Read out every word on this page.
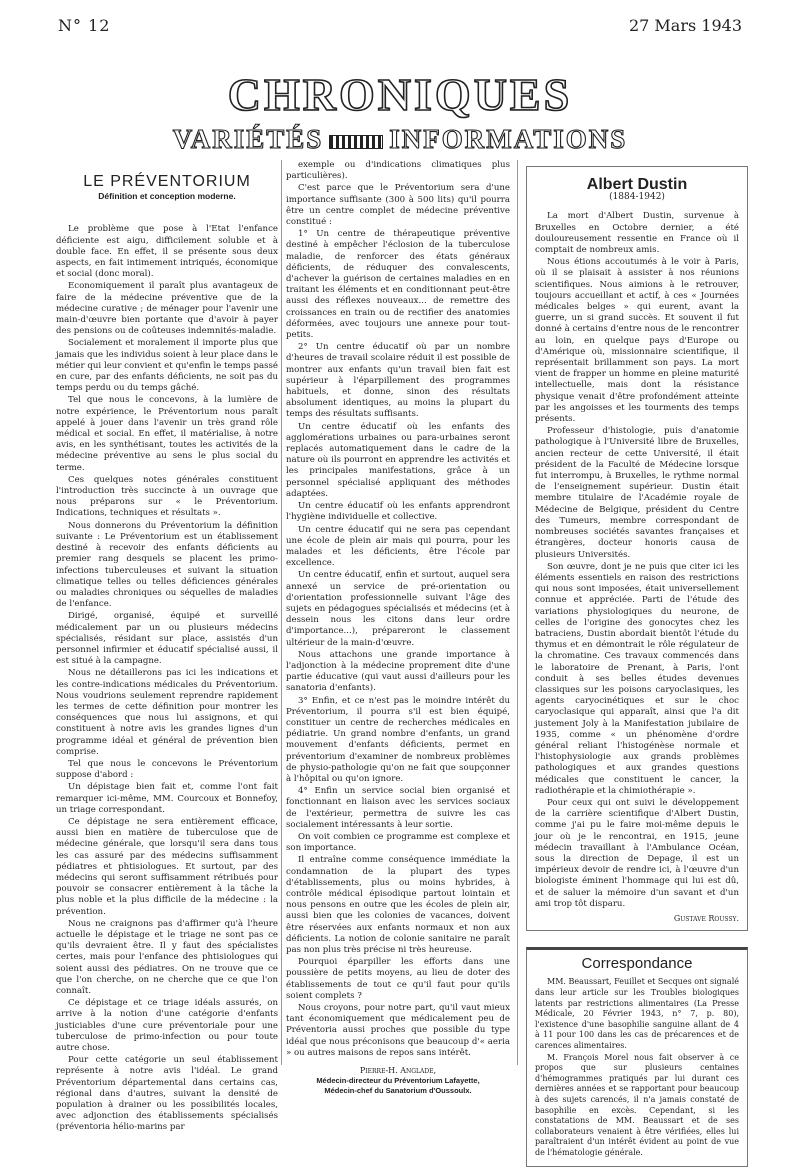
N° 12	27 Mars 1943
CHRONIQUES
VARIÉTÉS INFORMATIONS
LE PRÉVENTORIUM
Définition et conception moderne.

Le problème que pose à l'Etat l'enfance déficiente est aigu, difficilement soluble et à double face. En effet, il se présente sous deux aspects, en fait intimement intriqués, économique et social (donc moral).

Economiquement il paraît plus avantageux de faire de la médecine préventive que de la médecine curative ; de ménager pour l'avenir une main-d'œuvre bien portante que d'avoir à payer des pensions ou de coûteuses indemnités-maladie.

Socialement et moralement il importe plus que jamais que les individus soient à leur place dans le métier qui leur convient et qu'enfin le temps passé en cure, par des enfants déficients, ne soit pas du temps perdu ou du temps gâché.

Tel que nous le concevons, à la lumière de notre expérience, le Préventorium nous paraît appelé à jouer dans l'avenir un très grand rôle médical et social. En effet, il matérialise, à notre avis, en les synthétisant, toutes les activités de la médecine préventive au sens le plus social du terme.

Ces quelques notes générales constituent l'introduction très succincte à un ouvrage que nous préparons sur « le Préventorium. Indications, techniques et résultats ».

Nous donnerons du Préventorium la définition suivante : Le Préventorium est un établissement destiné à recevoir des enfants déficients au premier rang desquels se placent les primo-infections tuberculeuses et suivant la situation climatique telles ou telles déficiences générales ou maladies chroniques ou séquelles de maladies de l'enfance.

Dirigé, organisé, équipé et surveillé médicalement par un ou plusieurs médecins spécialisés, résidant sur place, assistés d'un personnel infirmier et éducatif spécialisé aussi, il est situé à la campagne.

Nous ne détaillerons pas ici les indications et les contre-indications médicales du Préventorium. Nous voudrions seulement reprendre rapidement les termes de cette définition pour montrer les conséquences que nous lui assignons, et qui constituent à notre avis les grandes lignes d'un programme idéal et général de prévention bien comprise.

Tel que nous le concevons le Préventorium suppose d'abord :

Un dépistage bien fait et, comme l'ont fait remarquer ici-même, MM. Courcoux et Bonnefoy, un triage correspondant.

Ce dépistage ne sera entièrement efficace, aussi bien en matière de tuberculose que de médecine générale, que lorsqu'il sera dans tous les cas assuré par des médecins suffisamment pédiatres et phtisiologues. Et surtout, par des médecins qui seront suffisamment rétribués pour pouvoir se consacrer entièrement à la tâche la plus noble et la plus difficile de la médecine : la prévention.

Nous ne craignons pas d'affirmer qu'à l'heure actuelle le dépistage et le triage ne sont pas ce qu'ils devraient être. Il y faut des spécialistes certes, mais pour l'enfance des phtisiologues qui soient aussi des pédiatres. On ne trouve que ce que l'on cherche, on ne cherche que ce que l'on connaît.

Ce dépistage et ce triage idéals assurés, on arrive à la notion d'une catégorie d'enfants justiciables d'une cure préventoriale pour une tuberculose de primo-infection ou pour toute autre chose.

Pour cette catégorie un seul établissement représente à notre avis l'idéal. Le grand Préventorium départemental dans certains cas, régional dans d'autres, suivant la densité de population à drainer ou les possibilités locales, avec adjonction des établissements spécialisés (préventoria hélio-marins par

exemple ou d'indications climatiques plus particulières).

C'est parce que le Préventorium sera d'une importance suffisante (300 à 500 lits) qu'il pourra être un centre complet de médecine préventive constitué :

1° Un centre de thérapeutique préventive destiné à empêcher l'éclosion de la tuberculose maladie, de renforcer des états généraux déficients, de réduquer des convalescents, d'achever la guérison de certaines maladies en en traitant les éléments et en conditionnant peut-être aussi des réflexes nouveaux... de remettre des croissances en train ou de rectifier des anatomies déformées, avec toujours une annexe pour tout-petits.

2° Un centre éducatif où par un nombre d'heures de travail scolaire réduit il est possible de montrer aux enfants qu'un travail bien fait est supérieur à l'éparpillement des programmes habituels, et donne, sinon des résultats absolument identiques, au moins la plupart du temps des résultats suffisants.

Un centre éducatif où les enfants des agglomérations urbaines ou para-urbaines seront replacés automatiquement dans le cadre de la nature où ils pourront en apprendre les activités et les principales manifestations, grâce à un personnel spécialisé appliquant des méthodes adaptées.

Un centre éducatif où les enfants apprendront l'hygiène individuelle et collective.

Un centre éducatif qui ne sera pas cependant une école de plein air mais qui pourra, pour les malades et les déficients, être l'école par excellence.

Un centre éducatif, enfin et surtout, auquel sera annexé un service de pré-orientation ou d'orientation professionnelle suivant l'âge des sujets en pédagogues spécialisés et médecins (et à dessein nous les citons dans leur ordre d'importance...), prépareront le classement ultérieur de la main-d'œuvre.

Nous attachons une grande importance à l'adjonction à la médecine proprement dite d'une partie éducative (qui vaut aussi d'ailleurs pour les sanatoria d'enfants).

3° Enfin, et ce n'est pas le moindre intérêt du Préventorium, il pourra s'il est bien équipé, constituer un centre de recherches médicales en pédiatrie. Un grand nombre d'enfants, un grand mouvement d'enfants déficients, permet en préventorium d'examiner de nombreux problèmes de physio-pathologie qu'on ne fait que soupçonner à l'hôpital ou qu'on ignore.

4° Enfin un service social bien organisé et fonctionnant en liaison avec les services sociaux de l'extérieur, permettra de suivre les cas socialement intéressants à leur sortie.

On voit combien ce programme est complexe et son importance.

Il entraîne comme conséquence immédiate la condamnation de la plupart des types d'établissements, plus ou moins hybrides, à contrôle médical épisodique partout lointain et nous pensons en outre que les écoles de plein air, aussi bien que les colonies de vacances, doivent être réservées aux enfants normaux et non aux déficients. La notion de colonie sanitaire ne paraît pas non plus très précise ni très heureuse.

Pourquoi éparpiller les efforts dans une poussière de petits moyens, au lieu de doter des établissements de tout ce qu'il faut pour qu'ils soient complets ?

Nous croyons, pour notre part, qu'il vaut mieux tant économiquement que médicalement peu de Préventoria aussi proches que possible du type idéal que nous préconisons que beaucoup d'« aeria » ou autres maisons de repos sans intérêt.

Pierre-H. Anglade,
Médecin-directeur du Préventorium Lafayette,
Médecin-chef du Sanatorium d'Oussoulx.
Albert Dustin
(1884-1942)

La mort d'Albert Dustin, survenue à Bruxelles en Octobre dernier, a été douloureusement ressentie en France où il comptait de nombreux amis.

Nous étions accoutumés à le voir à Paris, où il se plaisait à assister à nos réunions scientifiques. Nous aimions à le retrouver, toujours accueillant et actif, à ces « Journées médicales belges » qui eurent, avant la guerre, un si grand succès. Et souvent il fut donné à certains d'entre nous de le rencontrer au loin, en quelque pays d'Europe ou d'Amérique où, missionnaire scientifique, il représentait brillamment son pays. La mort vient de frapper un homme en pleine maturité intellectuelle, mais dont la résistance physique venait d'être profondément atteinte par les angoisses et les tourments des temps présents.

Professeur d'histologie, puis d'anatomie pathologique à l'Université libre de Bruxelles, ancien recteur de cette Université, il était président de la Faculté de Médecine lorsque fut interrompu, à Bruxelles, le rythme normal de l'enseignement supérieur. Dustin était membre titulaire de l'Académie royale de Médecine de Belgique, président du Centre des Tumeurs, membre correspondant de nombreuses sociétés savantes françaises et étrangères, docteur honoris causa de plusieurs Universités.

Son œuvre, dont je ne puis que citer ici les éléments essentiels en raison des restrictions qui nous sont imposées, était universellement connue et appréciée. Parti de l'étude des variations physiologiques du neurone, de celles de l'origine des gonocytes chez les batraciens, Dustin abordait bientôt l'étude du thymus et en démontrait le rôle régulateur de la chromatine. Ces travaux commencés dans le laboratoire de Prenant, à Paris, l'ont conduit à ses belles études devenues classiques sur les poisons caryoclasiques, les agents caryocinétiques et sur le choc caryoclasique qui apparaît, ainsi que l'a dit justement Joly à la Manifestation jubilaire de 1935, comme « un phénomène d'ordre général reliant l'histogénèse normale et l'histophysiologie aux grands problèmes pathologiques et aux grandes questions médicales que constituent le cancer, la radiothérapie et la chimiothérapie ».

Pour ceux qui ont suivi le développement de la carrière scientifique d'Albert Dustin, comme j'ai pu le faire moi-même depuis le jour où je le rencontrai, en 1915, jeune médecin travaillant à l'Ambulance Océan, sous la direction de Depage, il est un impérieux devoir de rendre ici, à l'œuvre d'un biologiste éminent l'hommage qui lui est dû, et de saluer la mémoire d'un savant et d'un ami trop tôt disparu.

Gustave Roussy.
Correspondance

MM. Beaussart, Feuillet et Secques ont signalé dans leur article sur les Troubles biologiques latents par restrictions alimentaires (La Presse Médicale, 20 Février 1943, n° 7, p. 80), l'existence d'une basophilie sanguine allant de 4 à 11 pour 100 dans les cas de précarences et de carences alimentaires.

M. François Morel nous fait observer à ce propos que sur plusieurs centaines d'hémogrammes pratiqués par lui durant ces dernières années et se rapportant pour beaucoup à des sujets carencés, il n'a jamais constaté de basophilie en excès. Cependant, si les constatations de MM. Beaussart et de ses collaborateurs venaient à être vérifiées, elles lui paraîtraient d'un intérêt évident au point de vue de l'hématologie générale.
